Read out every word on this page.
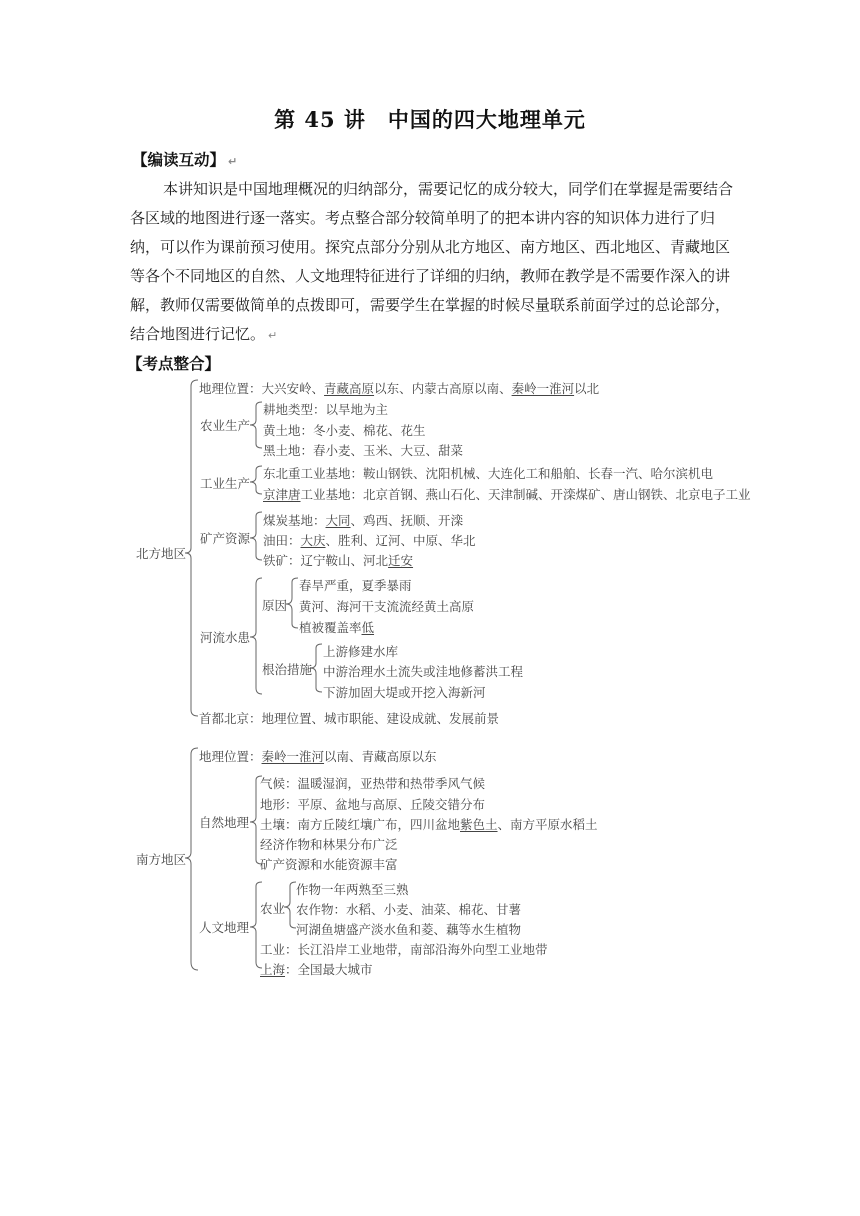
第 45 讲　中国的四大地理单元
【编读互动】 ↵
本讲知识是中国地理概况的归纳部分，需要记忆的成分较大，同学们在掌握是需要结合
各区域的地图进行逐一落实。考点整合部分较简单明了的把本讲内容的知识体力进行了归
纳，可以作为课前预习使用。探究点部分分别从北方地区、南方地区、西北地区、青藏地区
等各个不同地区的自然、人文地理特征进行了详细的归纳，教师在教学是不需要作深入的讲
解，教师仅需要做简单的点拨即可，需要学生在掌握的时候尽量联系前面学过的总论部分，
结合地图进行记忆。 ↵
【考点整合】
北方地区
地理位置：大兴安岭、青藏高原以东、内蒙古高原以南、秦岭一淮河以北
农业生产
耕地类型：以旱地为主
黄土地：冬小麦、棉花、花生
黑土地：春小麦、玉米、大豆、甜菜
工业生产
东北重工业基地：鞍山钢铁、沈阳机械、大连化工和船舶、长春一汽、哈尔滨机电
京津唐工业基地：北京首钢、燕山石化、天津制碱、开滦煤矿、唐山钢铁、北京电子工业
矿产资源
煤炭基地：大同、鸡西、抚顺、开滦
油田：大庆、胜利、辽河、中原、华北
铁矿：辽宁鞍山、河北迁安
河流水患
原因
春旱严重，夏季暴雨
黄河、海河干支流流经黄土高原
植被覆盖率低
根治措施
上游修建水库
中游治理水土流失或洼地修蓄洪工程
下游加固大堤或开挖入海新河
首都北京：地理位置、城市职能、建设成就、发展前景
南方地区
地理位置：秦岭一淮河以南、青藏高原以东
自然地理
气候：温暖湿润，亚热带和热带季风气候
地形：平原、盆地与高原、丘陵交错分布
土壤：南方丘陵红壤广布，四川盆地紫色土、南方平原水稻土
经济作物和林果分布广泛
矿产资源和水能资源丰富
人文地理
农业
作物一年两熟至三熟
农作物：水稻、小麦、油菜、棉花、甘薯
河湖鱼塘盛产淡水鱼和菱、藕等水生植物
工业：长江沿岸工业地带，南部沿海外向型工业地带
上海：全国最大城市
